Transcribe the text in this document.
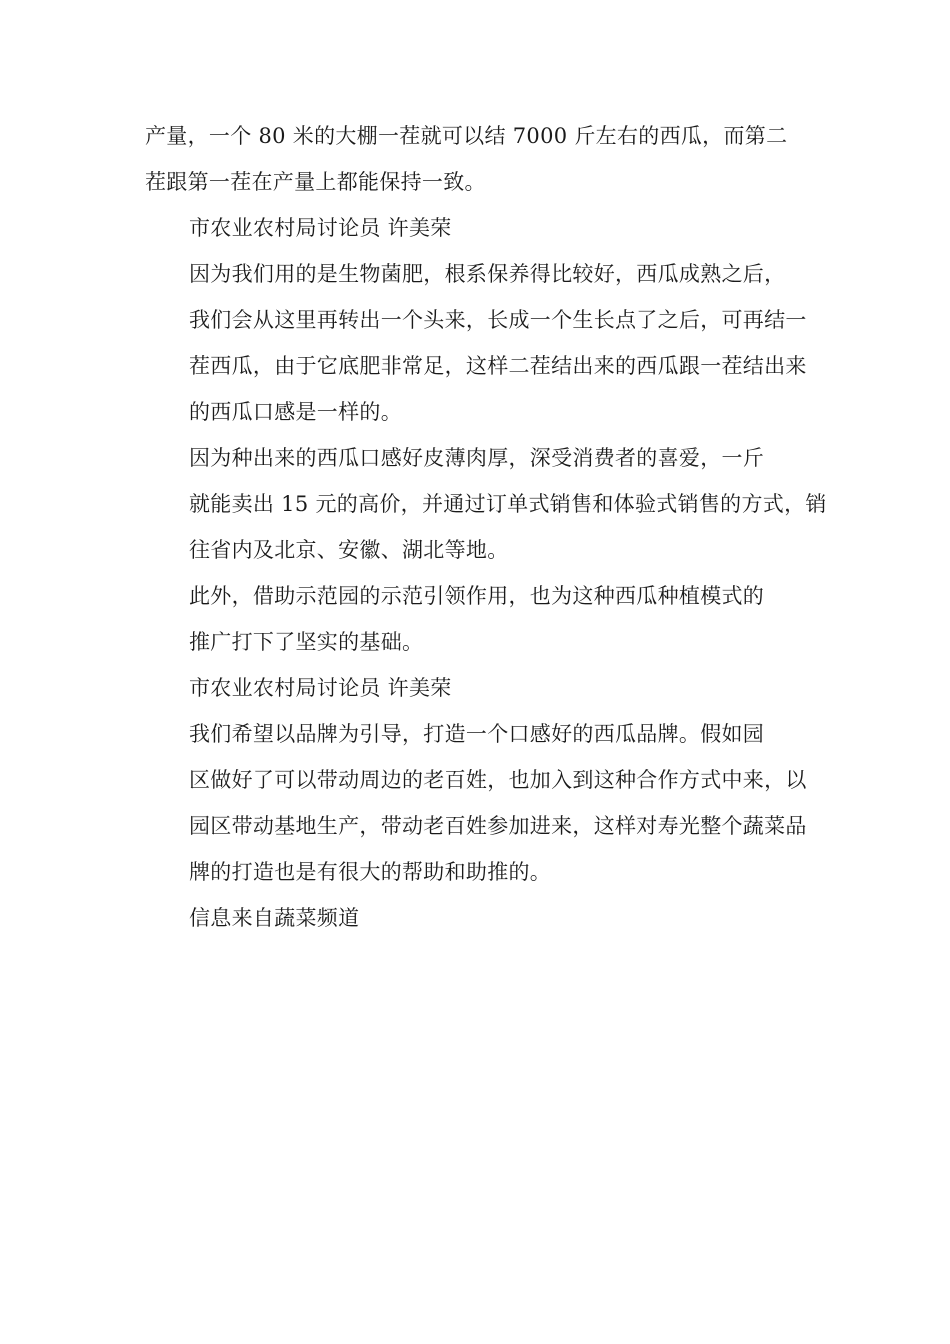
产量，一个 80 米的大棚一茬就可以结 7000 斤左右的西瓜，而第二
茬跟第一茬在产量上都能保持一致。

市农业农村局讨论员 许美荣

因为我们用的是生物菌肥，根系保养得比较好，西瓜成熟之后，
我们会从这里再转出一个头来，长成一个生长点了之后，可再结一
茬西瓜，由于它底肥非常足，这样二茬结出来的西瓜跟一茬结出来
的西瓜口感是一样的。

因为种出来的西瓜口感好皮薄肉厚，深受消费者的喜爱，一斤
就能卖出 15 元的高价，并通过订单式销售和体验式销售的方式，销
往省内及北京、安徽、湖北等地。

此外，借助示范园的示范引领作用，也为这种西瓜种植模式的
推广打下了坚实的基础。

市农业农村局讨论员 许美荣

我们希望以品牌为引导，打造一个口感好的西瓜品牌。假如园
区做好了可以带动周边的老百姓，也加入到这种合作方式中来，以
园区带动基地生产，带动老百姓参加进来，这样对寿光整个蔬菜品
牌的打造也是有很大的帮助和助推的。

信息来自蔬菜频道
